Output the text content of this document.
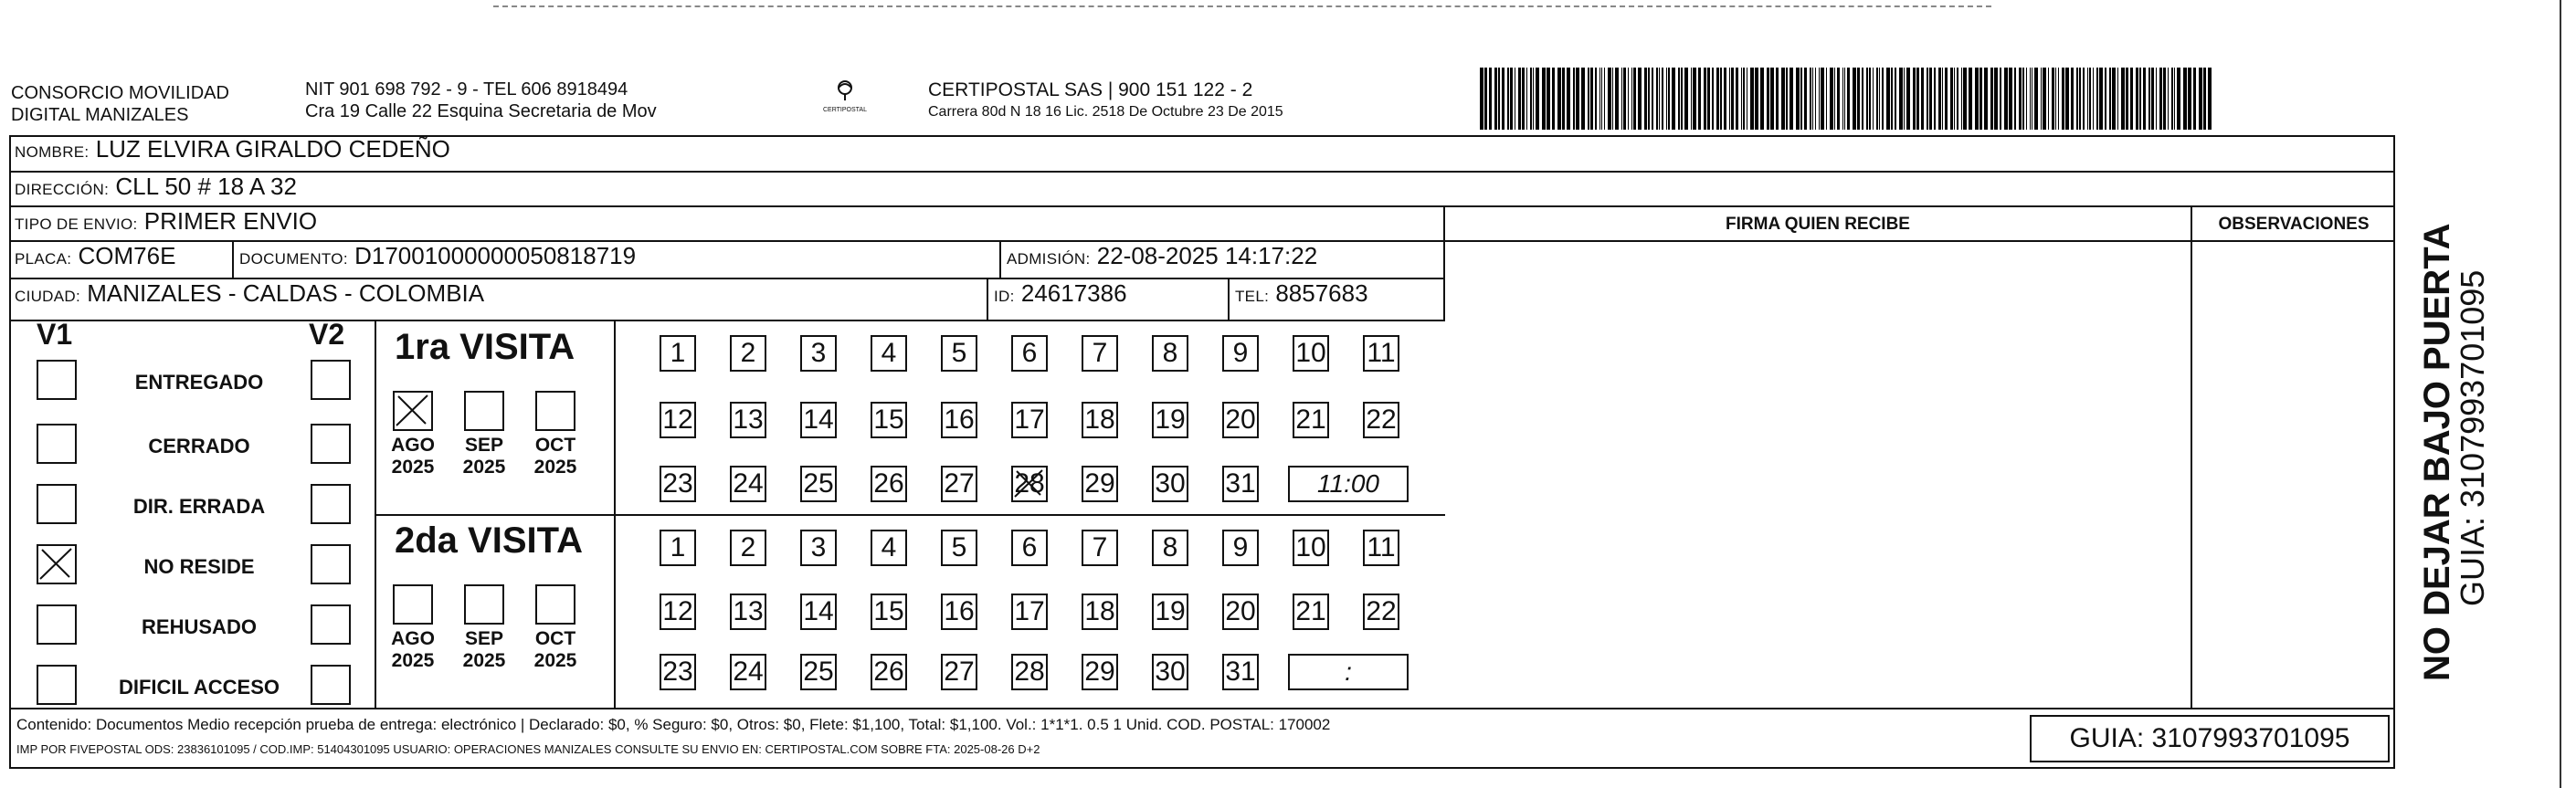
CONSORCIO MOVILIDAD
DIGITAL MANIZALES
NIT 901 698 792 - 9 - TEL 606 8918494
Cra 19 Calle 22 Esquina Secretaria de Mov	CERTIPOSTAL
CERTIPOSTAL SAS | 900 151 122 - 2
Carrera 80d N 18 16 Lic. 2518 De Octubre 23 De 2015
NOMBRE: LUZ ELVIRA GIRALDO CEDEÑO
DIRECCIÓN: CLL 50 # 18 A 32
TIPO DE ENVIO: PRIMER ENVIO	FIRMA QUIEN RECIBE	OBSERVACIONES
PLACA: COM76E	DOCUMENTO: D17001000000050818719	ADMISIÓN: 22-08-2025 14:17:22
CIUDAD: MANIZALES - CALDAS - COLOMBIA	ID: 24617386	TEL: 8857683
V1	V2
ENTREGADO
CERRADO
DIR. ERRADA
NO RESIDE
REHUSADO
DIFICIL ACCESO
1ra VISITA
2da VISITA
AGO
2025
SEP
2025
OCT
2025
AGO
2025
SEP
2025
OCT
2025
1	2	3	4	5	6	7	8	9	10 11
12 13 14 15 16 17 18 19 20 21 22
23 24 25 26 27 28 29 30 31	11:00
1	2	3	4	5	6	7	8	9	10 11
12 13 14 15 16 17 18 19 20 21 22
23 24 25 26 27 28 29 30 31	:
Contenido: Documentos Medio recepción prueba de entrega: electrónico | Declarado: $0, % Seguro: $0, Otros: $0, Flete: $1,100, Total: $1,100. Vol.: 1*1*1. 0.5 1 Unid. COD. POSTAL: 170002
IMP POR FIVEPOSTAL ODS: 23836101095 / COD.IMP: 51404301095 USUARIO: OPERACIONES MANIZALES CONSULTE SU ENVIO EN: CERTIPOSTAL.COM SOBRE FTA: 2025-08-26 D+2	GUIA: 3107993701095
NO DEJAR BAJO PUERTA
GUIA: 3107993701095
